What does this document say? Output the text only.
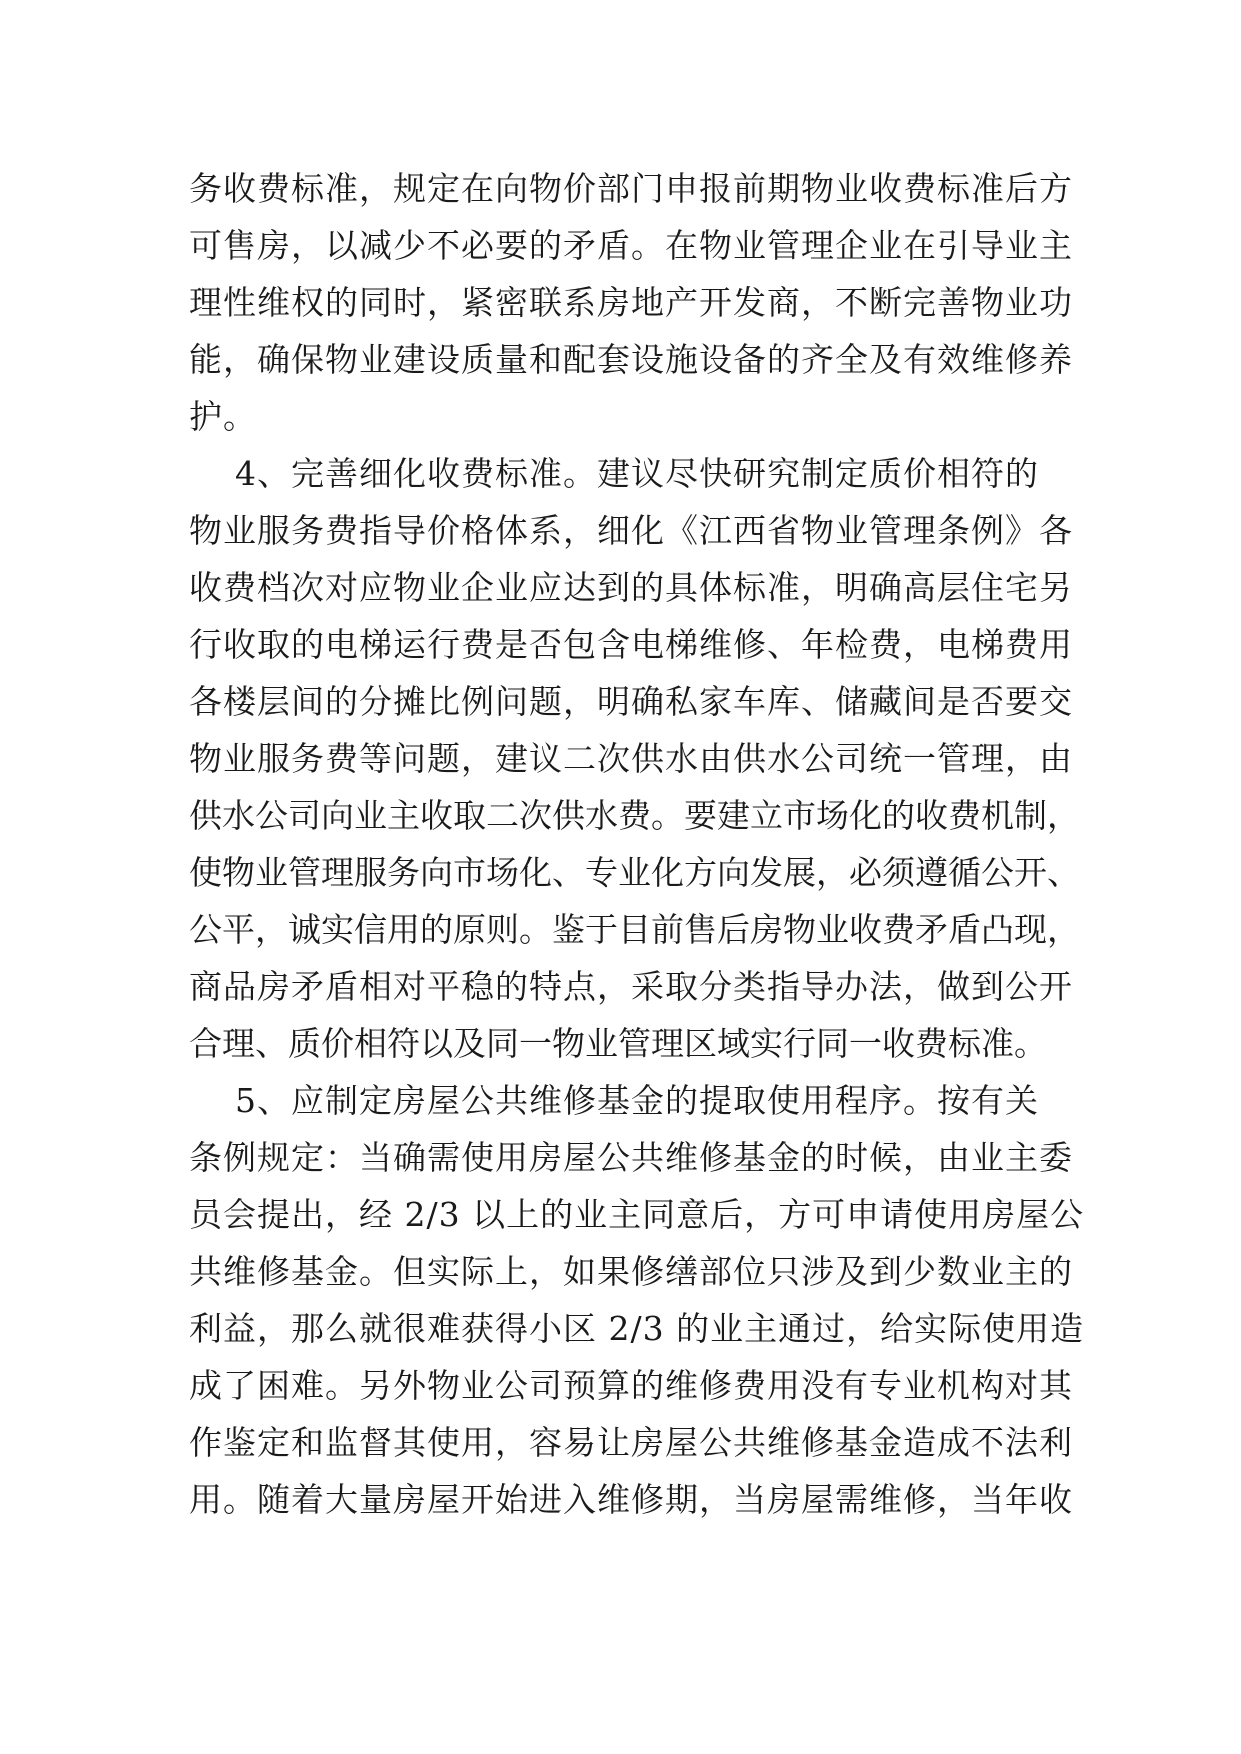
务收费标准，规定在向物价部门申报前期物业收费标准后方
可售房，以减少不必要的矛盾。在物业管理企业在引导业主
理性维权的同时，紧密联系房地产开发商，不断完善物业功
能，确保物业建设质量和配套设施设备的齐全及有效维修养
护。
4、完善细化收费标准。建议尽快研究制定质价相符的
物业服务费指导价格体系，细化《江西省物业管理条例》各
收费档次对应物业企业应达到的具体标准，明确高层住宅另
行收取的电梯运行费是否包含电梯维修、年检费，电梯费用
各楼层间的分摊比例问题，明确私家车库、储藏间是否要交
物业服务费等问题，建议二次供水由供水公司统一管理，由
供水公司向业主收取二次供水费。要建立市场化的收费机制，
使物业管理服务向市场化、专业化方向发展，必须遵循公开、
公平，诚实信用的原则。鉴于目前售后房物业收费矛盾凸现，
商品房矛盾相对平稳的特点，采取分类指导办法，做到公开
合理、质价相符以及同一物业管理区域实行同一收费标准。
5、应制定房屋公共维修基金的提取使用程序。按有关
条例规定：当确需使用房屋公共维修基金的时候，由业主委
员会提出，经 2/3 以上的业主同意后，方可申请使用房屋公
共维修基金。但实际上，如果修缮部位只涉及到少数业主的
利益，那么就很难获得小区 2/3 的业主通过，给实际使用造
成了困难。另外物业公司预算的维修费用没有专业机构对其
作鉴定和监督其使用，容易让房屋公共维修基金造成不法利
用。随着大量房屋开始进入维修期，当房屋需维修，当年收
